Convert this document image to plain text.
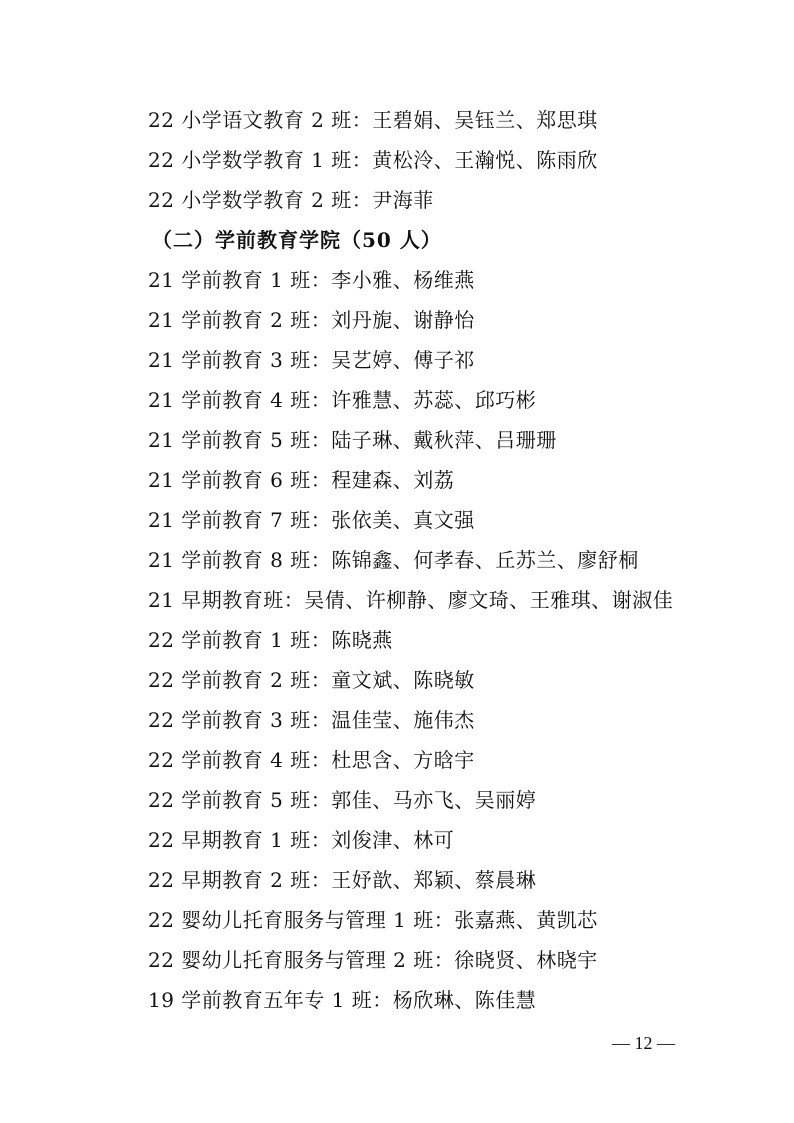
22 小学语文教育 2 班：王碧娟、吴钰兰、郑思琪
22 小学数学教育 1 班：黄松泠、王瀚悦、陈雨欣
22 小学数学教育 2 班：尹海菲
（二）学前教育学院（50 人）
21 学前教育 1 班：李小雅、杨维燕
21 学前教育 2 班：刘丹旎、谢静怡
21 学前教育 3 班：吴艺婷、傅子祁
21 学前教育 4 班：许雅慧、苏蕊、邱巧彬
21 学前教育 5 班：陆子琳、戴秋萍、吕珊珊
21 学前教育 6 班：程建森、刘荔
21 学前教育 7 班：张依美、真文强
21 学前教育 8 班：陈锦鑫、何孝春、丘苏兰、廖舒桐
21 早期教育班：吴倩、许柳静、廖文琦、王雅琪、谢淑佳
22 学前教育 1 班：陈晓燕
22 学前教育 2 班：童文斌、陈晓敏
22 学前教育 3 班：温佳莹、施伟杰
22 学前教育 4 班：杜思含、方晗宇
22 学前教育 5 班：郭佳、马亦飞、吴丽婷
22 早期教育 1 班：刘俊津、林可
22 早期教育 2 班：王妤歆、郑颖、蔡晨琳
22 婴幼儿托育服务与管理 1 班：张嘉燕、黄凯芯
22 婴幼儿托育服务与管理 2 班：徐晓贤、林晓宇
19 学前教育五年专 1 班：杨欣琳、陈佳慧
— 12 —
